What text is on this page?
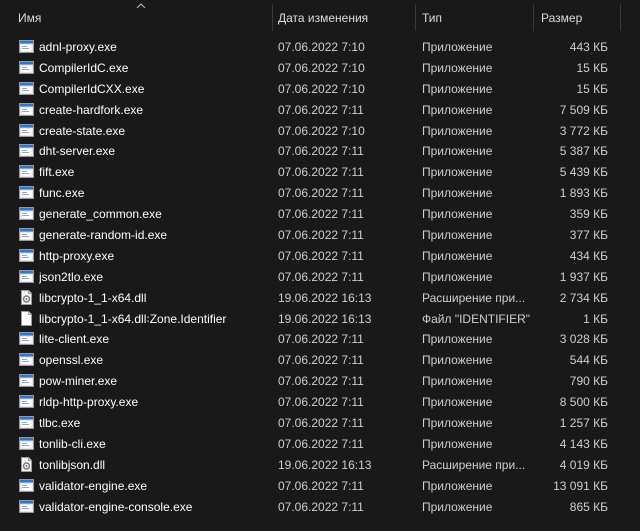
Имя	Дата изменения	Тип	Размер
adnl-proxy.exe	07.06.2022 7:10	Приложение	443 КБ
CompilerIdC.exe	07.06.2022 7:10	Приложение	15 КБ
CompilerIdCXX.exe	07.06.2022 7:10	Приложение	15 КБ
create-hardfork.exe	07.06.2022 7:11	Приложение	7 509 КБ
create-state.exe	07.06.2022 7:10	Приложение	3 772 КБ
dht-server.exe	07.06.2022 7:11	Приложение	5 387 КБ
fift.exe	07.06.2022 7:11	Приложение	5 439 КБ
func.exe	07.06.2022 7:11	Приложение	1 893 КБ
generate_common.exe	07.06.2022 7:11	Приложение	359 КБ
generate-random-id.exe	07.06.2022 7:11	Приложение	377 КБ
http-proxy.exe	07.06.2022 7:11	Приложение	434 КБ
json2tlo.exe	07.06.2022 7:11	Приложение	1 937 КБ
libcrypto-1_1-x64.dll	19.06.2022 16:13	Расширение при...	2 734 КБ
libcrypto-1_1-x64.dll꞉Zone.Identifier	19.06.2022 16:13	Файл "IDENTIFIER"	1 КБ
lite-client.exe	07.06.2022 7:11	Приложение	3 028 КБ
openssl.exe	07.06.2022 7:11	Приложение	544 КБ
pow-miner.exe	07.06.2022 7:11	Приложение	790 КБ
rldp-http-proxy.exe	07.06.2022 7:11	Приложение	8 500 КБ
tlbc.exe	07.06.2022 7:11	Приложение	1 257 КБ
tonlib-cli.exe	07.06.2022 7:11	Приложение	4 143 КБ
tonlibjson.dll	19.06.2022 16:13	Расширение при...	4 019 КБ
validator-engine.exe	07.06.2022 7:11	Приложение	13 091 КБ
validator-engine-console.exe	07.06.2022 7:11	Приложение	865 КБ
